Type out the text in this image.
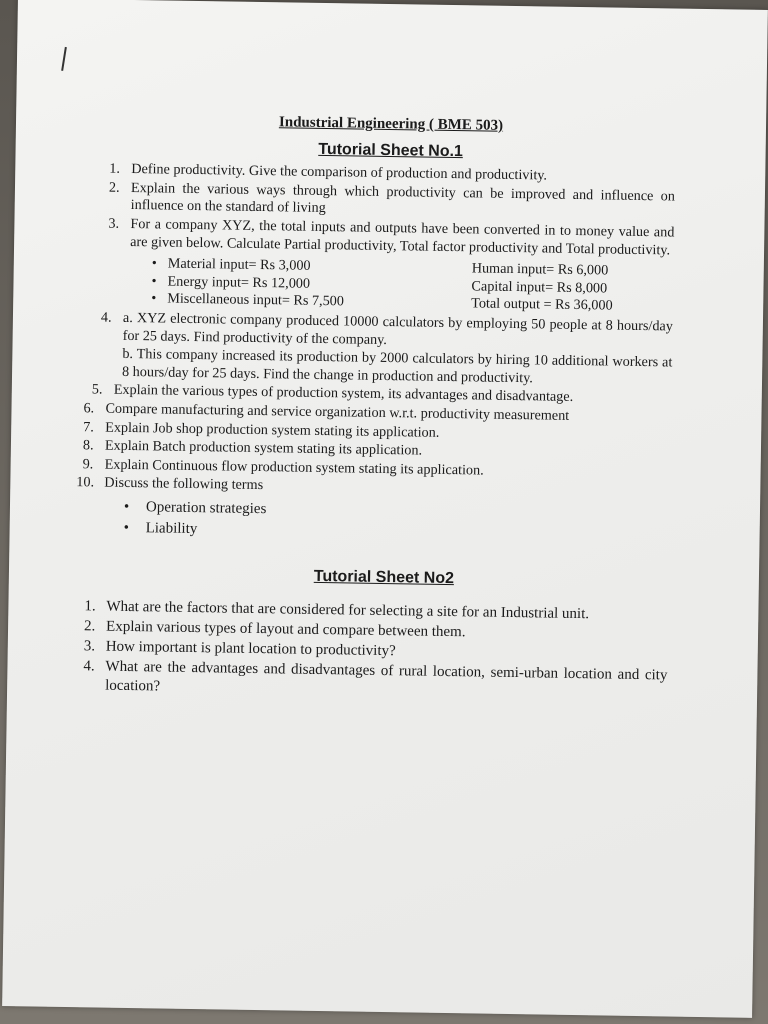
Industrial Engineering ( BME 503)
Tutorial Sheet No.1
1. Define productivity. Give the comparison of production and productivity.
2. Explain the various ways through which productivity can be improved and influence on influence on the standard of living
3. For a company XYZ, the total inputs and outputs have been converted in to money value and are given below. Calculate Partial productivity, Total factor productivity and Total productivity.
• Material input= Rs 3,000
• Energy input= Rs 12,000
• Miscellaneous input= Rs 7,500
Human input= Rs 6,000
Capital input= Rs 8,000
Total output = Rs 36,000
4. a. XYZ electronic company produced 10000 calculators by employing 50 people at 8 hours/day for 25 days. Find productivity of the company.
b. This company increased its production by 2000 calculators by hiring 10 additional workers at 8 hours/day for 25 days. Find the change in production and productivity.
5. Explain the various types of production system, its advantages and disadvantage.
6. Compare manufacturing and service organization w.r.t. productivity measurement
7. Explain Job shop production system stating its application.
8. Explain Batch production system stating its application.
9. Explain Continuous flow production system stating its application.
10. Discuss the following terms
• Operation strategies
• Liability
Tutorial Sheet No2
1. What are the factors that are considered for selecting a site for an Industrial unit.
2. Explain various types of layout and compare between them.
3. How important is plant location to productivity?
4. What are the advantages and disadvantages of rural location, semi-urban location and city location?
